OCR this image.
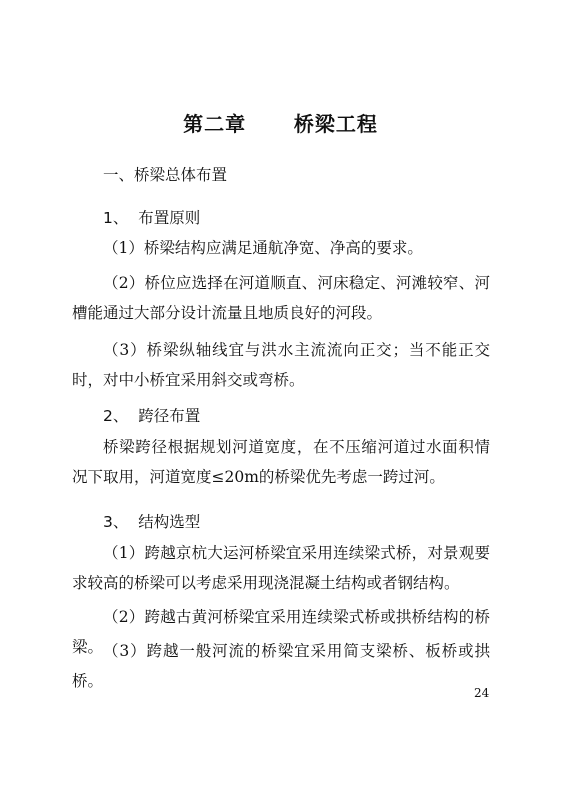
第二章      桥梁工程
一、桥梁总体布置
1、  布置原则

（1）桥梁结构应满足通航净宽、净高的要求。

（2）桥位应选择在河道顺直、河床稳定、河滩较窄、河槽能通过大部分设计流量且地质良好的河段。

（3）桥梁纵轴线宜与洪水主流流向正交；当不能正交时，对中小桥宜采用斜交或弯桥。

2、  跨径布置

桥梁跨径根据规划河道宽度，在不压缩河道过水面积情况下取用，河道宽度≤20m的桥梁优先考虑一跨过河。

3、  结构选型

（1）跨越京杭大运河桥梁宜采用连续梁式桥，对景观要求较高的桥梁可以考虑采用现浇混凝土结构或者钢结构。

（2）跨越古黄河桥梁宜采用连续梁式桥或拱桥结构的桥梁。 （3）跨越一般河流的桥梁宜采用简支梁桥、板桥或拱桥。

24
